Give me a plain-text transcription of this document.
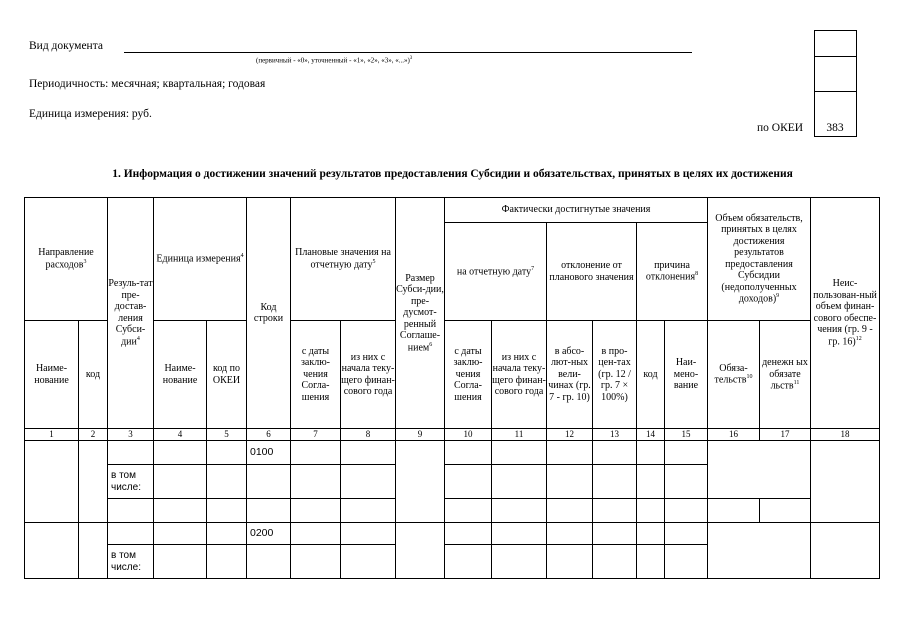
Вид документа
(первичный - «0», уточненный - «1», «2», «3», «...»)$^3$
Периодичность: месячная; квартальная; годовая
Единица измерения: руб.
по ОКЕИ	383
1. Информация о достижении значений результатов предоставления Субсидии и обязательствах, принятых в целях их достижения
Направление расходов$^3$		Резуль-тат пре-достав-ления Субси-дии$^4$	Единица измерения$^4$		Код строки	Плановые значения на отчетную дату$^5$		Размер Субси-дии, пре-дусмот-ренный Соглаше-нием$^6$	Фактически достигнутые значения						Объем обязательств, принятых в целях достижения результатов предоставления Субсидии (недополученных доходов)$^9$		Неис-пользован-ный объем финан-сового обеспе-чения (гр. 9 - гр. 16)$^{12}$
									на отчетную дату$^7$		отклонение от планового значения		причина отклонения$^8$
Наиме-нование	код		Наиме-нование	код по ОКЕИ		с даты заклю-чения Согла-шения	из них с начала теку-щего финан-сового года		с даты заклю-чения Согла-шения	из них с начала теку-щего финан-сового года	в абсо-лют-ных вели-чинах (гр. 7 - гр. 10)	в про-цен-тах (гр. 12 / гр. 7 × 100%)	код	Наи-мено-вание	Обяза-тельств$^{10}$	денежн ых обязате льств$^{11}$
1	2	3	4	5	6	7	8	9	10	11	12	13	14	15	16	17	18
					0100												
		в том числе:															

					0200												
		в том числе:															
